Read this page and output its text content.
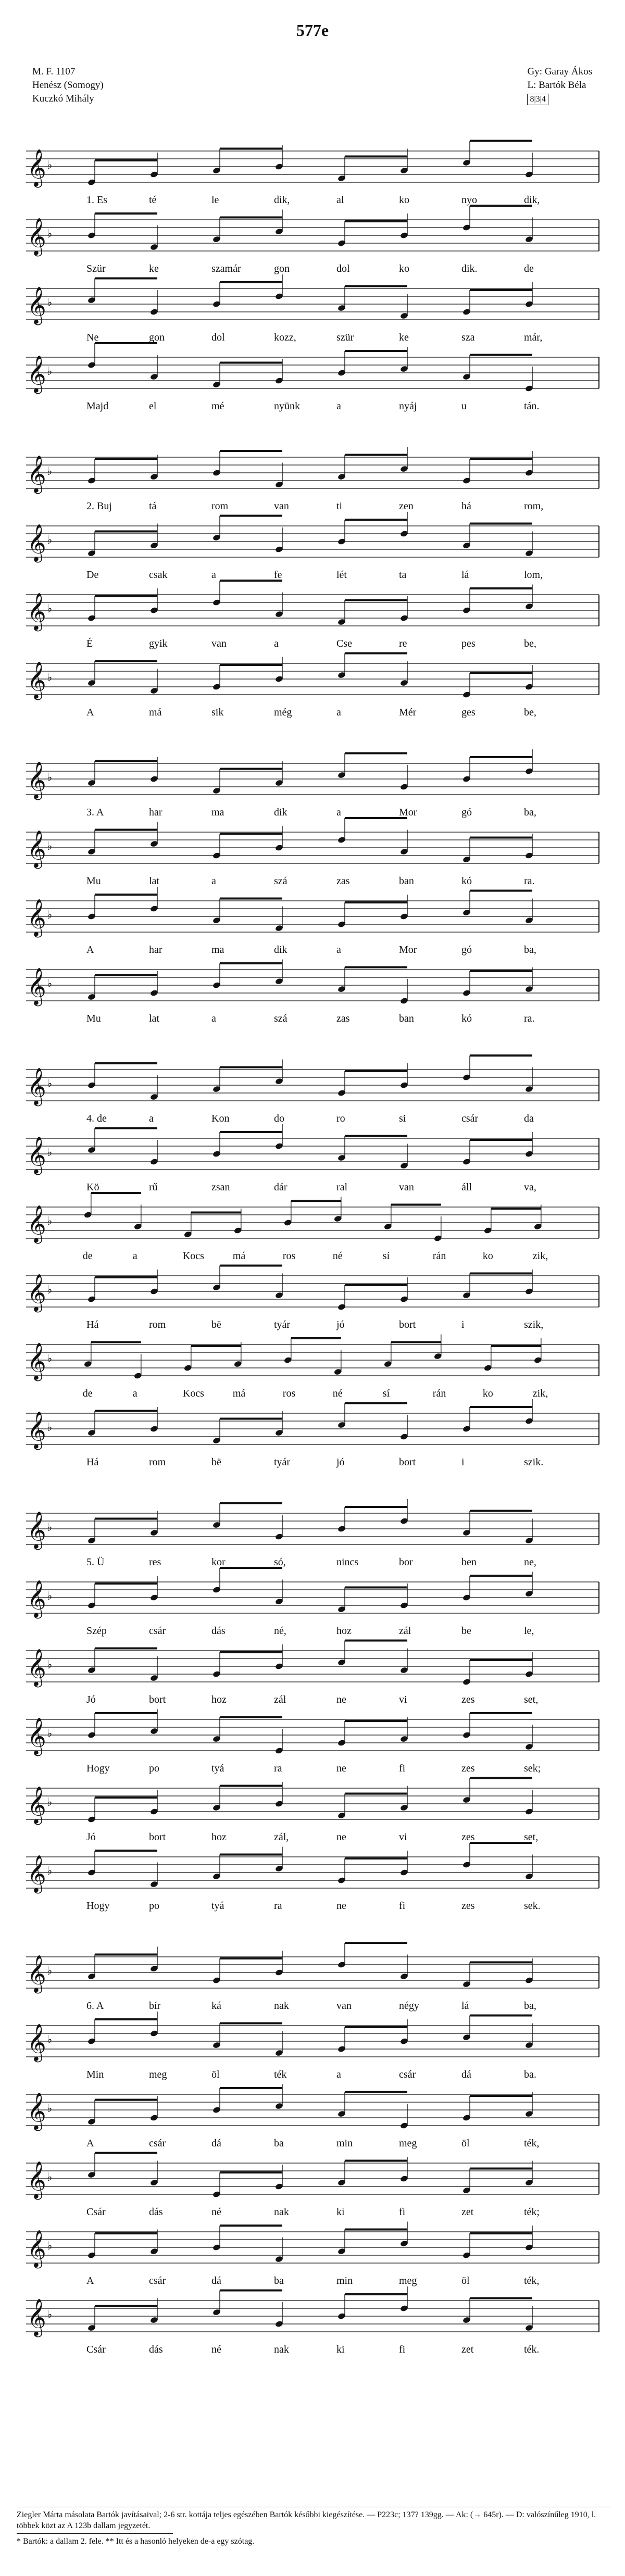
577e
M. F. 1107
Henész (Somogy)
Kuczkó Mihály
Gy: Garay Ákos
L: Bartók Béla
8|3|4
𝄞 ♭
1. Es	té	le	dik,	al	ko	nyo	dik,
𝄞 ♭
Szür	ke	szamár	gon	dol	ko	dik.	de
𝄞 ♭
Ne	gon	dol	kozz,	szür	ke	sza	már,
𝄞 ♭
Majd	el	mé	nyünk	a	nyáj	u	tán.
𝄞 ♭
2. Buj	tá	rom	van	ti	zen	há	rom,
𝄞 ♭
De	csak	a	fe	lét	ta	lá	lom,
𝄞 ♭
É	gyik	van	a	Cse	re	pes	be,
𝄞 ♭
A	má	sik	még	a	Mér	ges	be,
𝄞 ♭
3. A	har	ma	dik	a	Mor	gó	ba,
𝄞 ♭
Mu	lat	a	szá	zas	ban	kó	ra.
𝄞 ♭
A	har	ma	dik	a	Mor	gó	ba,
𝄞 ♭
Mu	lat	a	szá	zas	ban	kó	ra.
𝄞 ♭
4. de	a	Kon	do	ro	si	csár	da
𝄞 ♭
Kö	rű	zsan	dár	ral	van	áll	va,
𝄞 ♭
de	a	Kocs	má	ros	né	sí	rán	ko	zik,
𝄞 ♭
Há	rom	bë	tyár	jó	bort	i	szik,
𝄞 ♭
de	a	Kocs	má	ros	né	sí	rán	ko	zik,
𝄞 ♭
Há	rom	bë	tyár	jó	bort	i	szik.
𝄞 ♭
5. Ü	res	kor	só,	nincs	bor	ben	ne,
𝄞 ♭
Szép	csár	dás	né,	hoz	zál	be	le,
𝄞 ♭
Jó	bort	hoz	zál	ne	vi	zes	set,
𝄞 ♭
Hogy	po	tyá	ra	ne	fi	zes	sek;
𝄞 ♭
Jó	bort	hoz	zál,	ne	vi	zes	set,
𝄞 ♭
Hogy	po	tyá	ra	ne	fi	zes	sek.
𝄞 ♭
6. A	bír	ká	nak	van	négy	lá	ba,
𝄞 ♭
Min	meg	öl	ték	a	csár	dá	ba.
𝄞 ♭
A	csár	dá	ba	min	meg	öl	ték,
𝄞 ♭
Csár	dás	né	nak	ki	fi	zet	ték;
𝄞 ♭
A	csár	dá	ba	min	meg	öl	ték,
𝄞 ♭
Csár	dás	né	nak	ki	fi	zet	ték.

Ziegler Márta másolata Bartók javításaival; 2-6 str. kottája teljes egészében Bartók későbbi kiegészítése. — P223c; 137? 139gg. — Ak: (→ 645r). — D: valószínűleg 1910, l. többek közt az A 123b dallam jegyzetét.

* Bartók: a dallam 2. fele. ** Itt és a hasonló helyeken de-a egy szótag.
